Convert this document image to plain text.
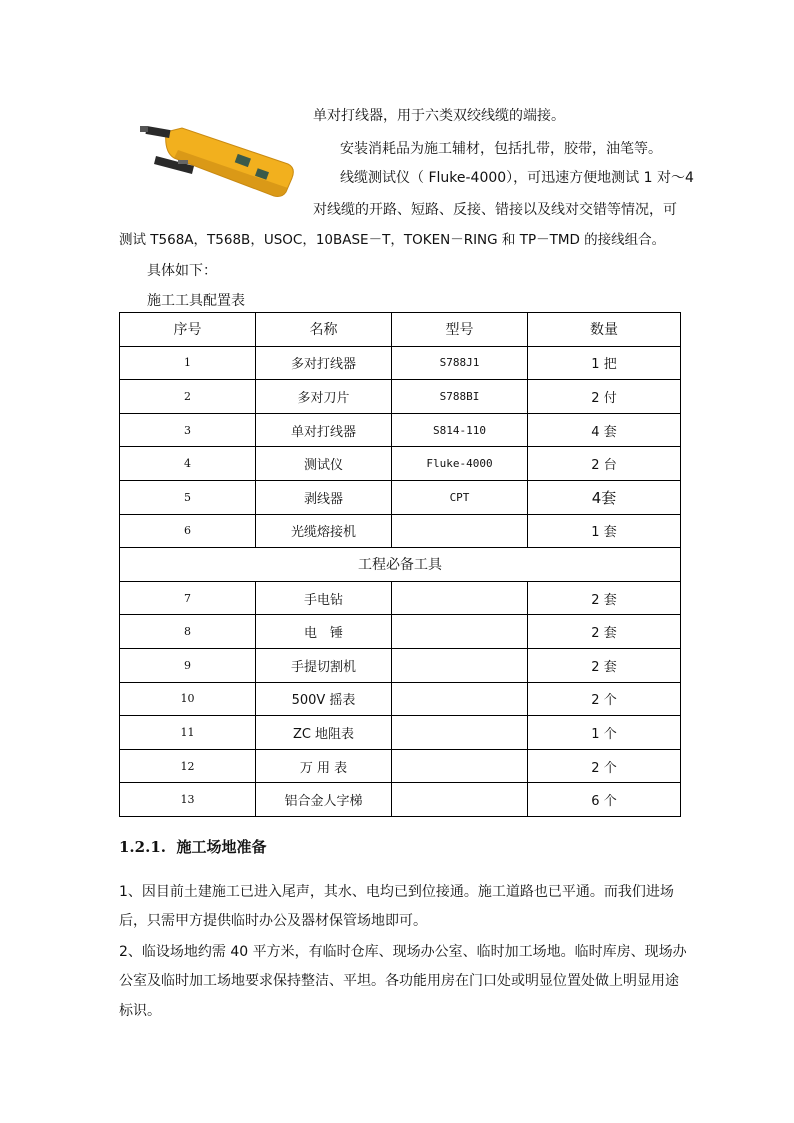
单对打线器，用于六类双绞线缆的端接。
安装消耗品为施工辅材，包括扎带，胶带，油笔等。
线缆测试仪（ Fluke-4000），可迅速方便地测试 1 对～4
对线缆的开路、短路、反接、错接以及线对交错等情况，可
测试 T568A，T568B，USOC，10BASE－T，TOKEN－RING 和 TP－TMD 的接线组合。
具体如下：
施工工具配置表
序号	名称	型号	数量
1	多对打线器	S788J1	1 把
2	多对刀片	S788BI	2 付
3	单对打线器	S814-110	4 套
4	测试仪	Fluke-4000	2 台
5	剥线器	CPT	4套
6	光缆熔接机		1 套
工程必备工具			
7	手电钻		2 套
8	电　锤		2 套
9	手提切割机		2 套
10	500V 摇表		2 个
11	ZC 地阻表		1 个
12	万 用 表		2 个
13	铝合金人字梯		6 个
1.2.1. 施工场地准备
1、因目前土建施工已进入尾声，其水、电均已到位接通。施工道路也已平通。而我们进场
后，只需甲方提供临时办公及器材保管场地即可。
2、临设场地约需 40 平方米，有临时仓库、现场办公室、临时加工场地。临时库房、现场办
公室及临时加工场地要求保持整洁、平坦。各功能用房在门口处或明显位置处做上明显用途
标识。
